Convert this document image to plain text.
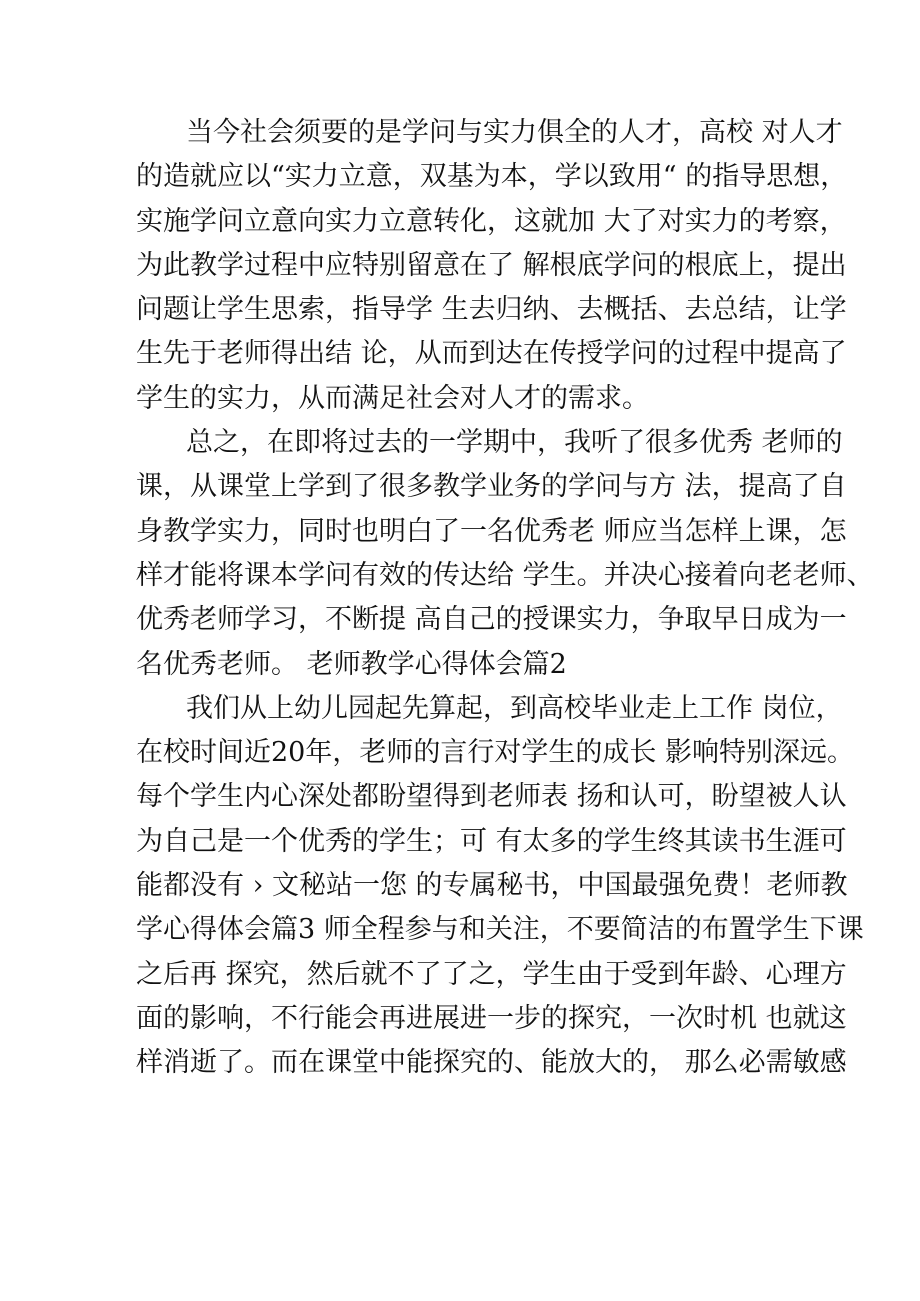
当今社会须要的是学问与实力俱全的人才，高校 对人才
的造就应以“实力立意，双基为本，学以致用“ 的指导思想，
实施学问立意向实力立意转化，这就加 大了对实力的考察，
为此教学过程中应特别留意在了 解根底学问的根底上，提出
问题让学生思索，指导学 生去归纳、去概括、去总结，让学
生先于老师得出结 论，从而到达在传授学问的过程中提高了
学生的实力，从而满足社会对人才的需求。
总之，在即将过去的一学期中，我听了很多优秀 老师的
课，从课堂上学到了很多教学业务的学问与方 法，提高了自
身教学实力，同时也明白了一名优秀老 师应当怎样上课，怎
样才能将课本学问有效的传达给 学生。并决心接着向老老师、
优秀老师学习，不断提 高自己的授课实力，争取早日成为一
名优秀老师。 老师教学心得体会篇2
我们从上幼儿园起先算起，到高校毕业走上工作 岗位，
在校时间近20年，老师的言行对学生的成长 影响特别深远。
每个学生内心深处都盼望得到老师表 扬和认可，盼望被人认
为自己是一个优秀的学生；可 有太多的学生终其读书生涯可
能都没有 › 文秘站一您 的专属秘书，中国最强免费！老师教
学心得体会篇3 师全程参与和关注，不要简洁的布置学生下课
之后再 探究，然后就不了了之，学生由于受到年龄、心理方
面的影响，不行能会再进展进一步的探究，一次时机 也就这
样消逝了。而在课堂中能探究的、能放大的， 那么必需敏感
